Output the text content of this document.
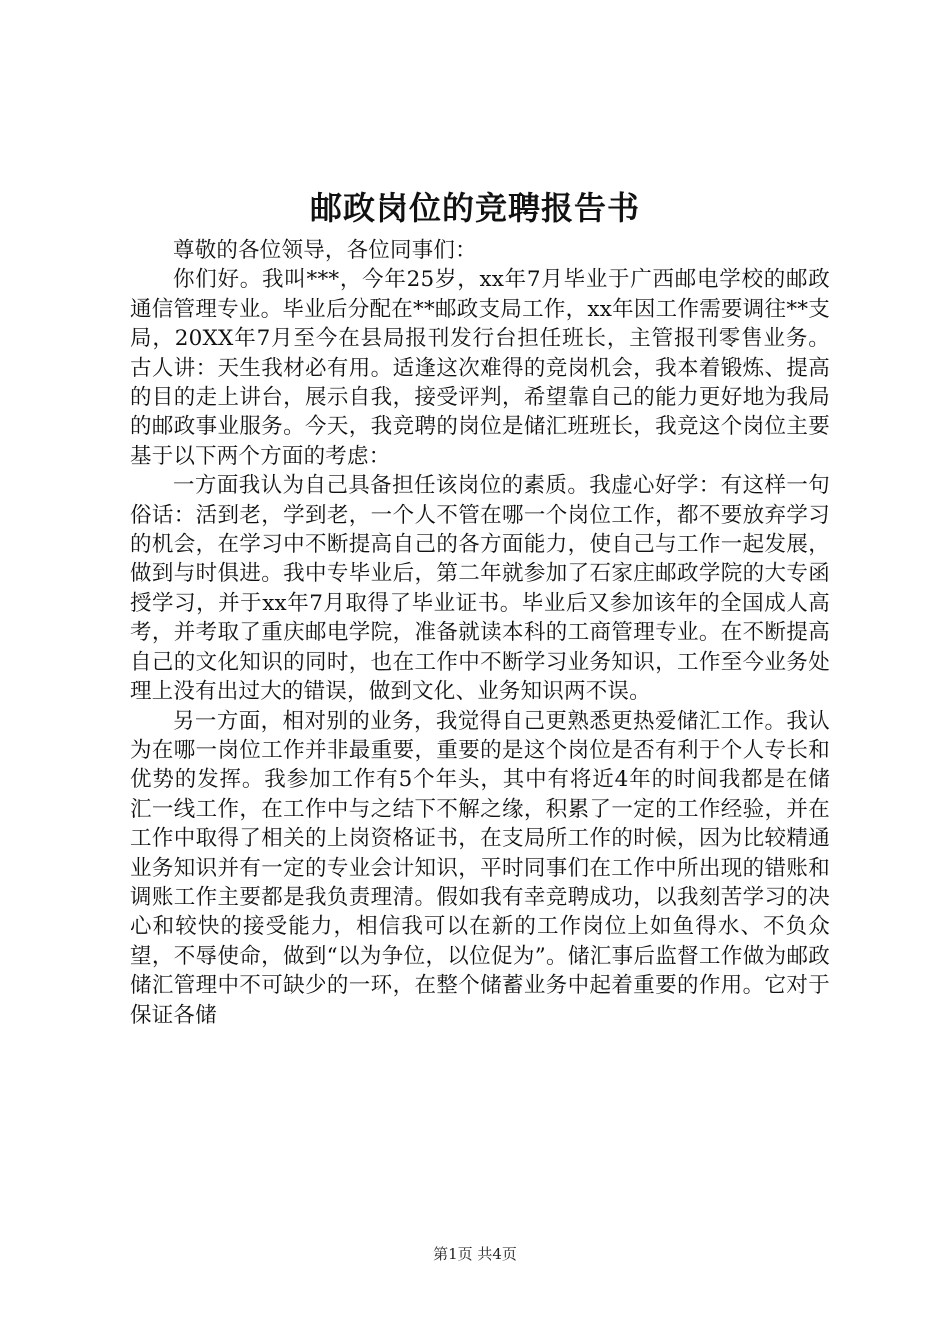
邮政岗位的竞聘报告书

尊敬的各位领导，各位同事们：

你们好。我叫***，今年25岁，xx年7月毕业于广西邮电学校的邮政通信管理专业。毕业后分配在**邮政支局工作，xx年因工作需要调往**支局，20XX年7月至今在县局报刊发行台担任班长，主管报刊零售业务。古人讲：天生我材必有用。适逢这次难得的竞岗机会，我本着锻炼、提高的目的走上讲台，展示自我，接受评判，希望靠自己的能力更好地为我局的邮政事业服务。今天，我竞聘的岗位是储汇班班长，我竞这个岗位主要基于以下两个方面的考虑：

一方面我认为自己具备担任该岗位的素质。我虚心好学：有这样一句俗话：活到老，学到老，一个人不管在哪一个岗位工作，都不要放弃学习的机会，在学习中不断提高自己的各方面能力，使自己与工作一起发展，做到与时俱进。我中专毕业后，第二年就参加了石家庄邮政学院的大专函授学习，并于xx年7月取得了毕业证书。毕业后又参加该年的全国成人高考，并考取了重庆邮电学院，准备就读本科的工商管理专业。在不断提高自己的文化知识的同时，也在工作中不断学习业务知识，工作至今业务处理上没有出过大的错误，做到文化、业务知识两不误。

另一方面，相对别的业务，我觉得自己更熟悉更热爱储汇工作。我认为在哪一岗位工作并非最重要，重要的是这个岗位是否有利于个人专长和优势的发挥。我参加工作有5个年头，其中有将近4年的时间我都是在储汇一线工作，在工作中与之结下不解之缘，积累了一定的工作经验，并在工作中取得了相关的上岗资格证书，在支局所工作的时候，因为比较精通业务知识并有一定的专业会计知识，平时同事们在工作中所出现的错账和调账工作主要都是我负责理清。假如我有幸竞聘成功，以我刻苦学习的决心和较快的接受能力，相信我可以在新的工作岗位上如鱼得水、不负众望，不辱使命，做到“以为争位，以位促为”。储汇事后监督工作做为邮政储汇管理中不可缺少的一环，在整个储蓄业务中起着重要的作用。它对于保证各储

第1页 共4页
